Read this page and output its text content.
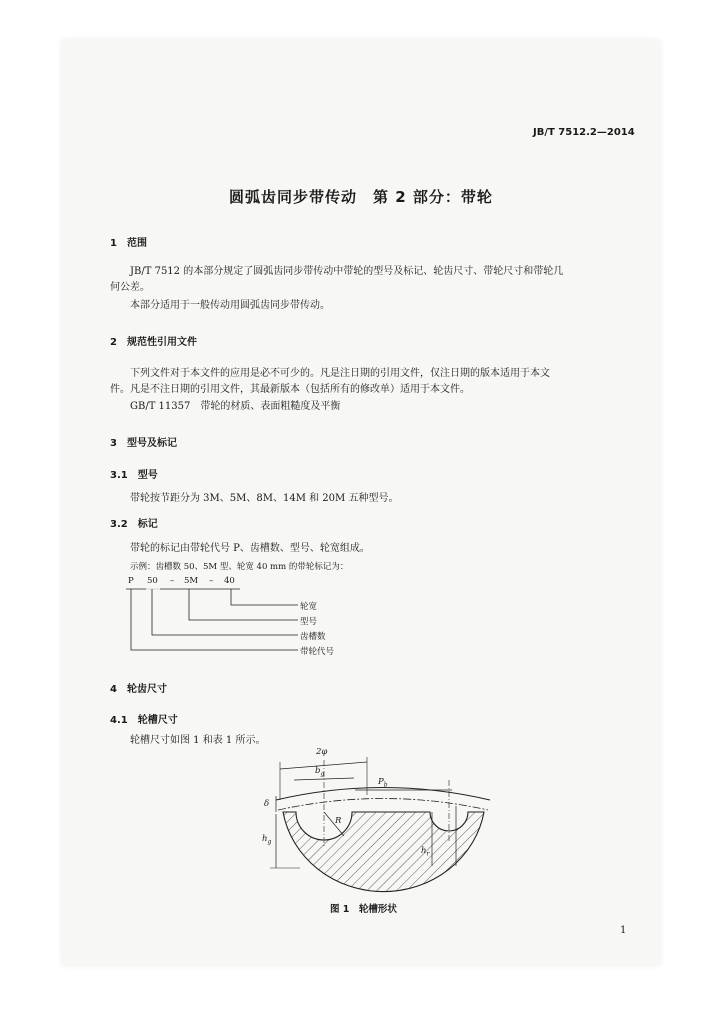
JB/T 7512.2—2014
圆弧齿同步带传动　第 2 部分：带轮
1　范围
JB/T 7512 的本部分规定了圆弧齿同步带传动中带轮的型号及标记、轮齿尺寸、带轮尺寸和带轮几
何公差。
本部分适用于一般传动用圆弧齿同步带传动。
2　规范性引用文件
下列文件对于本文件的应用是必不可少的。凡是注日期的引用文件，仅注日期的版本适用于本文
件。凡是不注日期的引用文件，其最新版本（包括所有的修改单）适用于本文件。
GB/T 11357　带轮的材质、表面粗糙度及平衡
3　型号及标记
3.1　型号
带轮按节距分为 3M、5M、8M、14M 和 20M 五种型号。
3.2　标记
带轮的标记由带轮代号 P、齿槽数、型号、轮宽组成。
示例：齿槽数 50、5M 型、轮宽 40 mm 的带轮标记为：
P 50 – 5M – 40
轮宽
型号
齿槽数
带轮代号
4　轮齿尺寸
4.1　轮槽尺寸
轮槽尺寸如图 1 和表 1 所示。
2φ
$b_g$
$P_b$
δ
$h_g$
R
$h_r$
图 1　轮槽形状
1
